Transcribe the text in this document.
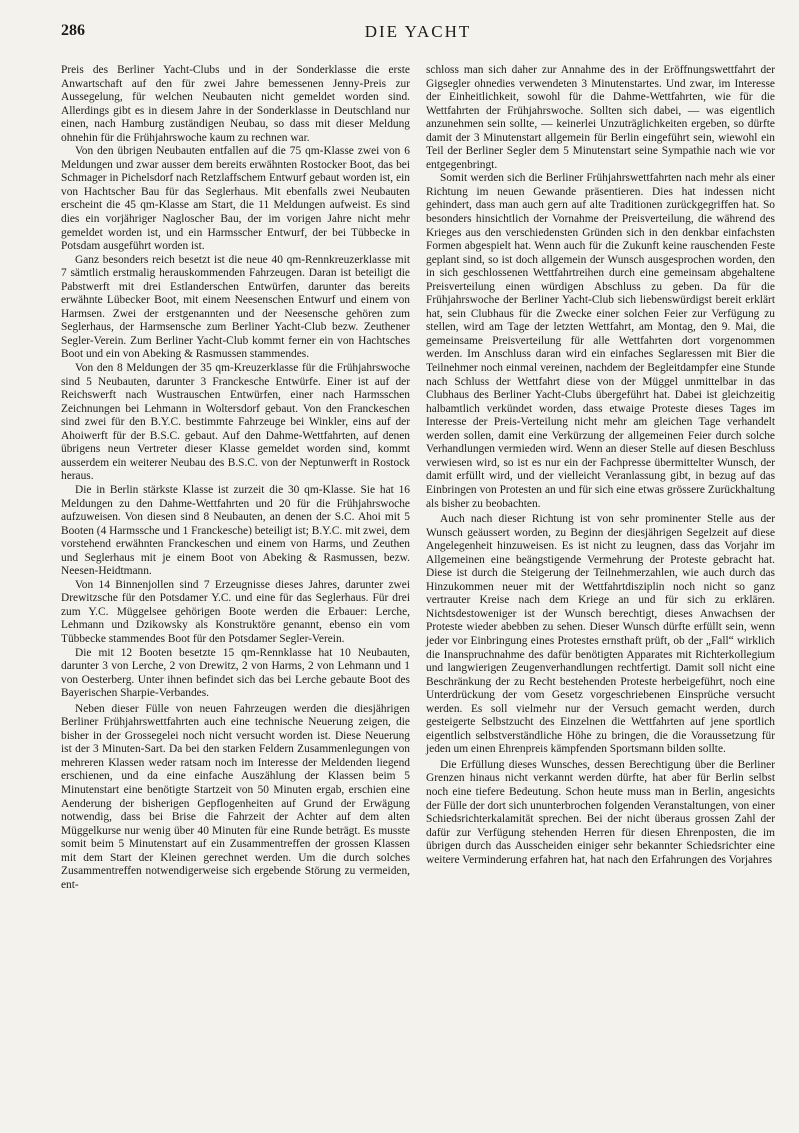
286	DIE YACHT

Preis des Berliner Yacht-Clubs und in der Sonderklasse die erste Anwartschaft auf den für zwei Jahre bemessenen Jenny-Preis zur Aussegelung, für welchen Neubauten nicht gemeldet worden sind. Allerdings gibt es in diesem Jahre in der Sonderklasse in Deutschland nur einen, nach Hamburg zuständigen Neubau, so dass mit dieser Meldung ohnehin für die Frühjahrswoche kaum zu rechnen war.

Von den übrigen Neubauten entfallen auf die 75 qm-Klasse zwei von 6 Meldungen und zwar ausser dem bereits erwähnten Rostocker Boot, das bei Schmager in Pichelsdorf nach Retzlaffschem Entwurf gebaut worden ist, ein von Hachtscher Bau für das Seglerhaus. Mit ebenfalls zwei Neubauten erscheint die 45 qm-Klasse am Start, die 11 Meldungen aufweist. Es sind dies ein vorjähriger Nagloscher Bau, der im vorigen Jahre nicht mehr gemeldet worden ist, und ein Harmsscher Entwurf, der bei Tübbecke in Potsdam ausgeführt worden ist.

Ganz besonders reich besetzt ist die neue 40 qm-Rennkreuzerklasse mit 7 sämtlich erstmalig herauskommenden Fahrzeugen. Daran ist beteiligt die Pabstwerft mit drei Estlanderschen Entwürfen, darunter das bereits erwähnte Lübecker Boot, mit einem Neesenschen Entwurf und einem von Harmsen. Zwei der erstgenannten und der Neesensche gehören zum Seglerhaus, der Harmsensche zum Berliner Yacht-Club bezw. Zeuthener Segler-Verein. Zum Berliner Yacht-Club kommt ferner ein von Hachtsches Boot und ein von Abeking & Rasmussen stammendes.

Von den 8 Meldungen der 35 qm-Kreuzerklasse für die Frühjahrswoche sind 5 Neubauten, darunter 3 Franckesche Entwürfe. Einer ist auf der Reichswerft nach Wustrauschen Entwürfen, einer nach Harmsschen Zeichnungen bei Lehmann in Woltersdorf gebaut. Von den Franckeschen sind zwei für den B.Y.C. bestimmte Fahrzeuge bei Winkler, eins auf der Ahoiwerft für der B.S.C. gebaut. Auf den Dahme-Wettfahrten, auf denen übrigens neun Vertreter dieser Klasse gemeldet worden sind, kommt ausserdem ein weiterer Neubau des B.S.C. von der Neptunwerft in Rostock heraus.

Die in Berlin stärkste Klasse ist zurzeit die 30 qm-Klasse. Sie hat 16 Meldungen zu den Dahme-Wettfahrten und 20 für die Frühjahrswoche aufzuweisen. Von diesen sind 8 Neubauten, an denen der S.C. Ahoi mit 5 Booten (4 Harmssche und 1 Franckesche) beteiligt ist; B.Y.C. mit zwei, dem vorstehend erwähnten Franckeschen und einem von Harms, und Zeuthen und Seglerhaus mit je einem Boot von Abeking & Rasmussen, bezw. Neesen-Heidtmann.

Von 14 Binnenjollen sind 7 Erzeugnisse dieses Jahres, darunter zwei Drewitzsche für den Potsdamer Y.C. und eine für das Seglerhaus. Für drei zum Y.C. Müggelsee gehörigen Boote werden die Erbauer: Lerche, Lehmann und Dzikowsky als Konstruktöre genannt, ebenso ein vom Tübbecke stammendes Boot für den Potsdamer Segler-Verein.

Die mit 12 Booten besetzte 15 qm-Rennklasse hat 10 Neubauten, darunter 3 von Lerche, 2 von Drewitz, 2 von Harms, 2 von Lehmann und 1 von Oesterberg. Unter ihnen befindet sich das bei Lerche gebaute Boot des Bayerischen Sharpie-Verbandes.

Neben dieser Fülle von neuen Fahrzeugen werden die diesjährigen Berliner Frühjahrswettfahrten auch eine technische Neuerung zeigen, die bisher in der Grossegelei noch nicht versucht worden ist. Diese Neuerung ist der 3 Minuten-Sart. Da bei den starken Feldern Zusammenlegungen von mehreren Klassen weder ratsam noch im Interesse der Meldenden liegend erschienen, und da eine einfache Auszählung der Klassen beim 5 Minutenstart eine benötigte Startzeit von 50 Minuten ergab, erschien eine Aenderung der bisherigen Gepflogenheiten auf Grund der Erwägung notwendig, dass bei Brise die Fahrzeit der Achter auf dem alten Müggelkurse nur wenig über 40 Minuten für eine Runde beträgt. Es musste somit beim 5 Minutenstart auf ein Zusammentreffen der grossen Klassen mit dem Start der Kleinen gerechnet werden. Um die durch solches Zusammentreffen notwendigerweise sich ergebende Störung zu vermeiden, ent-

schloss man sich daher zur Annahme des in der Eröffnungswettfahrt der Gigsegler ohnedies verwendeten 3 Minutenstartes. Und zwar, im Interesse der Einheitlichkeit, sowohl für die Dahme-Wettfahrten, wie für die Wettfahrten der Frühjahrswoche. Sollten sich dabei, — was eigentlich anzunehmen sein sollte, — keinerlei Unzuträglichkeiten ergeben, so dürfte damit der 3 Minutenstart allgemein für Berlin eingeführt sein, wiewohl ein Teil der Berliner Segler dem 5 Minutenstart seine Sympathie nach wie vor entgegenbringt.

Somit werden sich die Berliner Frühjahrswettfahrten nach mehr als einer Richtung im neuen Gewande präsentieren. Dies hat indessen nicht gehindert, dass man auch gern auf alte Traditionen zurückgegriffen hat. So besonders hinsichtlich der Vornahme der Preisverteilung, die während des Krieges aus den verschiedensten Gründen sich in den denkbar einfachsten Formen abgespielt hat. Wenn auch für die Zukunft keine rauschenden Feste geplant sind, so ist doch allgemein der Wunsch ausgesprochen worden, den in sich geschlossenen Wettfahrtreihen durch eine gemeinsam abgehaltene Preisverteilung einen würdigen Abschluss zu geben. Da für die Frühjahrswoche der Berliner Yacht-Club sich liebenswürdigst bereit erklärt hat, sein Clubhaus für die Zwecke einer solchen Feier zur Verfügung zu stellen, wird am Tage der letzten Wettfahrt, am Montag, den 9. Mai, die gemeinsame Preisverteilung für alle Wettfahrten dort vorgenommen werden. Im Anschluss daran wird ein einfaches Seglaressen mit Bier die Teilnehmer noch einmal vereinen, nachdem der Begleitdampfer eine Stunde nach Schluss der Wettfahrt diese von der Müggel unmittelbar in das Clubhaus des Berliner Yacht-Clubs übergeführt hat. Dabei ist gleichzeitig halbamtlich verkündet worden, dass etwaige Proteste dieses Tages im Interesse der Preis-Verteilung nicht mehr am gleichen Tage verhandelt werden sollen, damit eine Verkürzung der allgemeinen Feier durch solche Verhandlungen vermieden wird. Wenn an dieser Stelle auf diesen Beschluss verwiesen wird, so ist es nur ein der Fachpresse übermittelter Wunsch, der damit erfüllt wird, und der vielleicht Veranlassung gibt, in bezug auf das Einbringen von Protesten an und für sich eine etwas grössere Zurückhaltung als bisher zu beobachten.

Auch nach dieser Richtung ist von sehr prominenter Stelle aus der Wunsch geäussert worden, zu Beginn der diesjährigen Segelzeit auf diese Angelegenheit hinzuweisen. Es ist nicht zu leugnen, dass das Vorjahr im Allgemeinen eine beängstigende Vermehrung der Proteste gebracht hat. Diese ist durch die Steigerung der Teilnehmerzahlen, wie auch durch das Hinzukommen neuer mit der Wettfahrtdisziplin noch nicht so ganz vertrauter Kreise nach dem Kriege an und für sich zu erklären. Nichtsdestoweniger ist der Wunsch berechtigt, dieses Anwachsen der Proteste wieder abebben zu sehen. Dieser Wunsch dürfte erfüllt sein, wenn jeder vor Einbringung eines Protestes ernsthaft prüft, ob der „Fall“ wirklich die Inanspruchnahme des dafür benötigten Apparates mit Richterkollegium und langwierigen Zeugenverhandlungen rechtfertigt. Damit soll nicht eine Beschränkung der zu Recht bestehenden Proteste herbeigeführt, noch eine Unterdrückung der vom Gesetz vorgeschriebenen Einsprüche versucht werden. Es soll vielmehr nur der Versuch gemacht werden, durch gesteigerte Selbstzucht des Einzelnen die Wettfahrten auf jene sportlich eigentlich selbstverständliche Höhe zu bringen, die die Voraussetzung für jeden um einen Ehrenpreis kämpfenden Sportsmann bilden sollte.

Die Erfüllung dieses Wunsches, dessen Berechtigung über die Berliner Grenzen hinaus nicht verkannt werden dürfte, hat aber für Berlin selbst noch eine tiefere Bedeutung. Schon heute muss man in Berlin, angesichts der Fülle der dort sich ununterbrochen folgenden Veranstaltungen, von einer Schiedsrichterkalamität sprechen. Bei der nicht überaus grossen Zahl der dafür zur Verfügung stehenden Herren für diesen Ehrenposten, die im übrigen durch das Ausscheiden einiger sehr bekannter Schiedsrichter eine weitere Verminderung erfahren hat, hat nach den Erfahrungen des Vorjahres
